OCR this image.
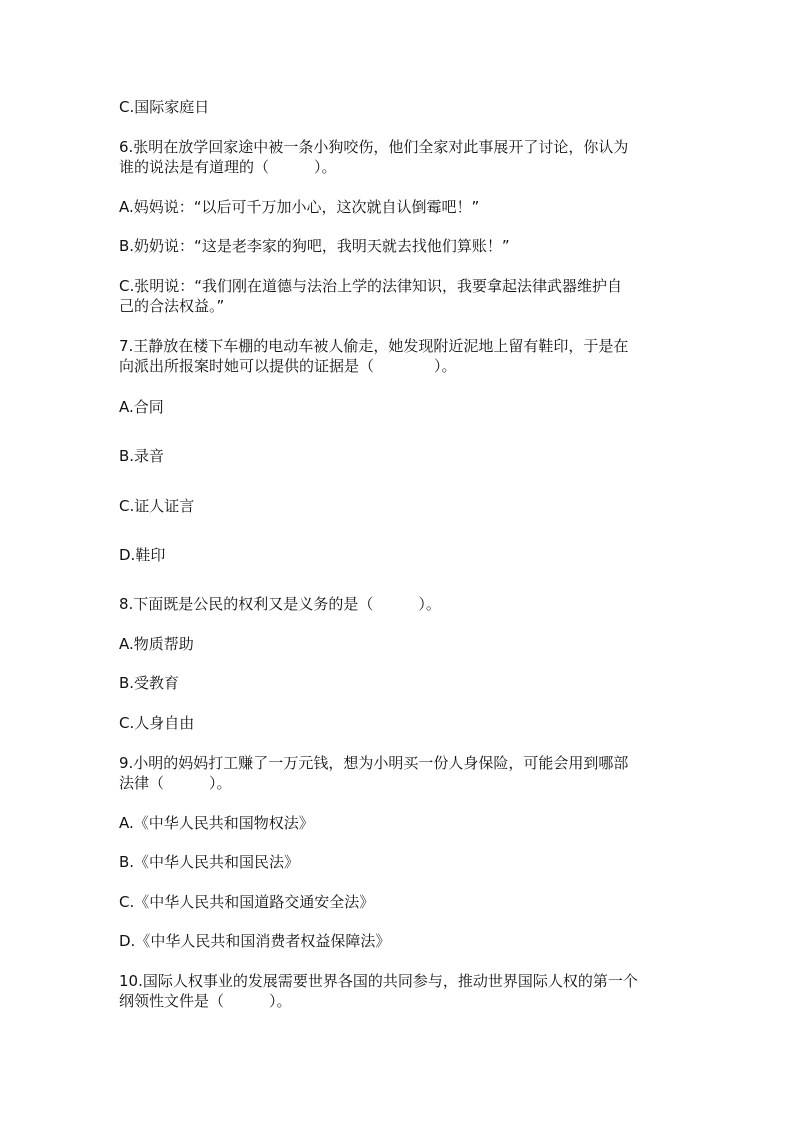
C.国际家庭日
6.张明在放学回家途中被一条小狗咬伤，他们全家对此事展开了讨论，你认为
谁的说法是有道理的（　　　）。
A.妈妈说：“以后可千万加小心，这次就自认倒霉吧！”
B.奶奶说：“这是老李家的狗吧，我明天就去找他们算账！”
C.张明说：“我们刚在道德与法治上学的法律知识，我要拿起法律武器维护自
己的合法权益。”
7.王静放在楼下车棚的电动车被人偷走，她发现附近泥地上留有鞋印，于是在
向派出所报案时她可以提供的证据是（　　　　）。
A.合同
B.录音
C.证人证言
D.鞋印
8.下面既是公民的权利又是义务的是（　　　）。
A.物质帮助
B.受教育
C.人身自由
9.小明的妈妈打工赚了一万元钱，想为小明买一份人身保险，可能会用到哪部
法律（　　　）。
A.《中华人民共和国物权法》
B.《中华人民共和国民法》
C.《中华人民共和国道路交通安全法》
D.《中华人民共和国消费者权益保障法》
10.国际人权事业的发展需要世界各国的共同参与，推动世界国际人权的第一个
纲领性文件是（　　　）。
